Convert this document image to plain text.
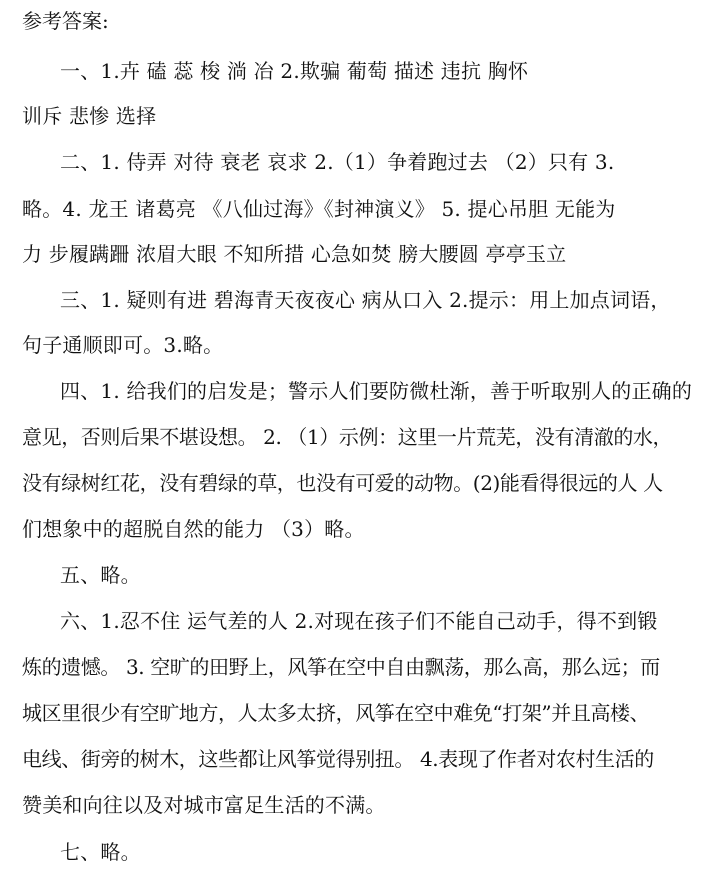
参考答案:
一、1.卉 磕 蕊 梭 淌 冶 2.欺骗 葡萄 描述 违抗 胸怀
训斥 悲惨 选择
二、1. 侍弄 对待 衰老 哀求 2.（1）争着跑过去 （2）只有 3.
略。4. 龙王 诸葛亮 《八仙过海》《封神演义》 5. 提心吊胆 无能为
力 步履蹒跚 浓眉大眼 不知所措 心急如焚 膀大腰圆 亭亭玉立
三、1. 疑则有进 碧海青天夜夜心 病从口入 2.提示：用上加点词语，
句子通顺即可。3.略。
四、1. 给我们的启发是；警示人们要防微杜渐，善于听取别人的正确的
意见，否则后果不堪设想。 2. （1）示例：这里一片荒芜，没有清澈的水，
没有绿树红花，没有碧绿的草，也没有可爱的动物。(2)能看得很远的人 人
们想象中的超脱自然的能力 （3）略。
五、略。
六、1.忍不住 运气差的人 2.对现在孩子们不能自己动手，得不到锻
炼的遗憾。 3. 空旷的田野上，风筝在空中自由飘荡，那么高，那么远；而
城区里很少有空旷地方，人太多太挤，风筝在空中难免“打架”并且高楼、
电线、街旁的树木，这些都让风筝觉得别扭。 4.表现了作者对农村生活的
赞美和向往以及对城市富足生活的不满。
七、略。
